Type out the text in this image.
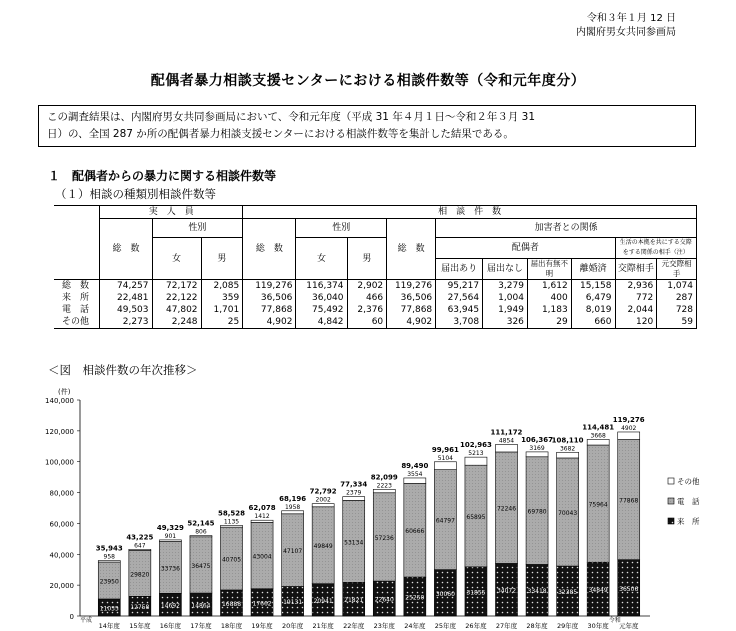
令和３年１月 12 日
内閣府男女共同参画局
配偶者暴力相談支援センターにおける相談件数等（令和元年度分）
この調査結果は、内閣府男女共同参画局において、令和元年度（平成 31 年４月１日～令和２年３月 31
日）の、全国 287 か所の配偶者暴力相談支援センターにおける相談件数等を集計した結果である。
１　配偶者からの暴力に関する相談件数等
（１）相談の種類別相談件数等
	実　人　員			相　談　件　数									
	総　数	性別		総　数	性別		総　数	加害者との関係					
		女	男		女	男		配偶者				生活の本拠を共にする交際をする関係の相手（注）	
								届出あり	届出なし	届出有無不明	離婚済	交際相手	元交際相手
総　数	74,257	72,172	2,085	119,276	116,374	2,902	119,276	95,217	3,279	1,612	15,158	2,936	1,074
来　所	22,481	22,122	359	36,506	36,040	466	36,506	27,564	1,004	400	6,479	772	287
電　話	49,503	47,802	1,701	77,868	75,492	2,376	77,868	63,945	1,949	1,183	8,019	2,044	728
その他	2,273	2,248	25	4,902	4,842	60	4,902	3,708	326	29	660	120	59
＜図　相談件数の年次推移＞
0
20,000
40,000
60,000
80,000
100,000
120,000
140,000
(件)
11035
23950
958
35,943
14年度
12758
29820
647
43,225
15年度
14692
33736
901
49,329
16年度
14864
36475
806
52,145
17年度
16888
40705
1135
58,528
18年度
17662
43004
1412
62,078
19年度
19131
47107
1958
68,196
20年度
20941
49849
2002
72,792
21年度
21821
53134
2379
77,334
22年度
22640
57236
2223
82,099
23年度
25250
60666
3554
89,490
24年度
30060
64797
5104
99,961
25年度
31855
65895
5213
102,963
26年度
34072
72246
4854
111,172
27年度
33418
69780
3169
106,367
28年度
32385
70043
3682
108,110
29年度
34849
75964
3668
114,481
30年度
36506
77868
4902
119,276
元年度
平成	令和
その他
電　話
来　所
